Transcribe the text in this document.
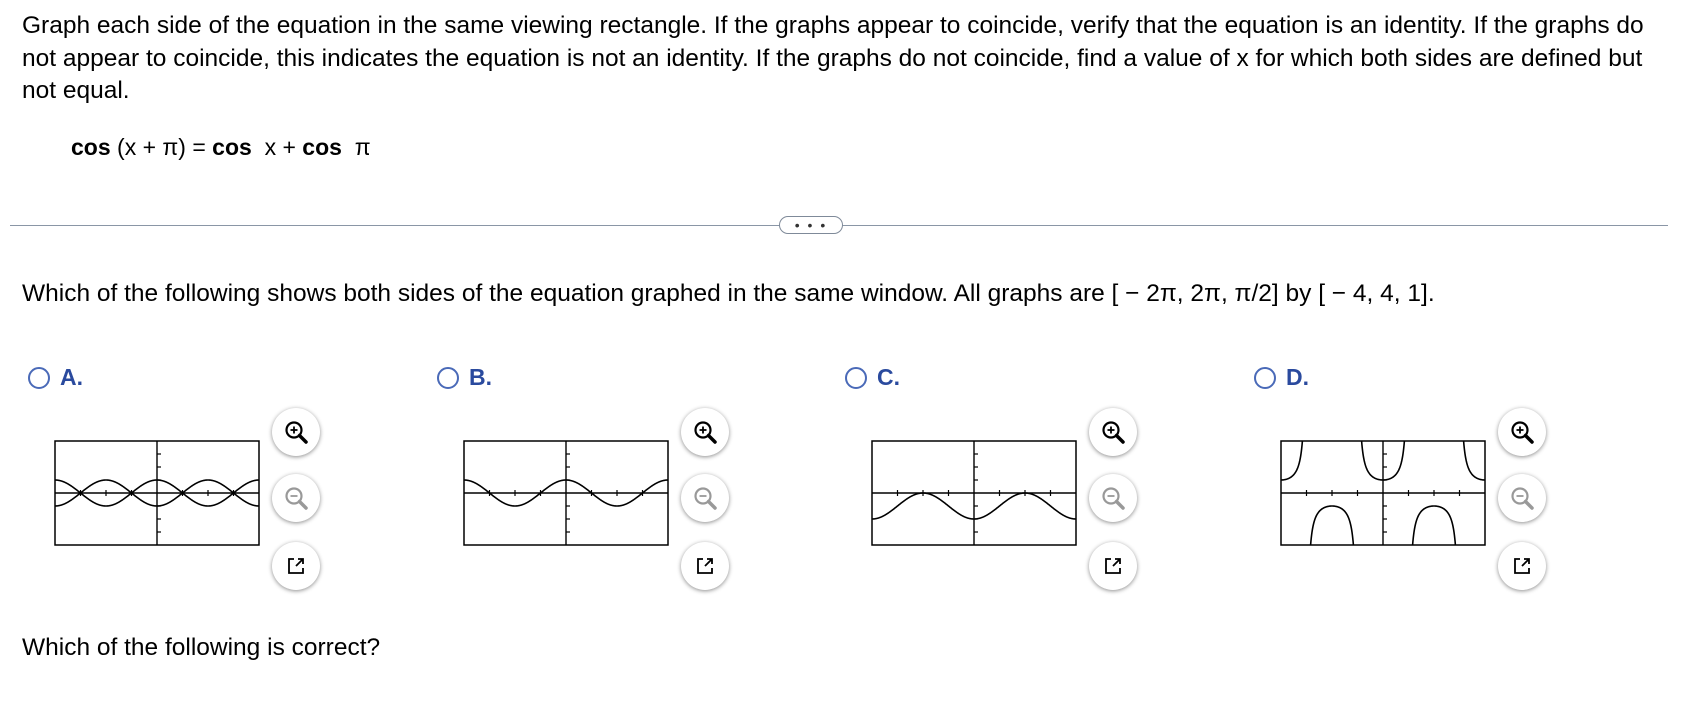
Graph each side of the equation in the same viewing rectangle. If the graphs appear to coincide, verify that the equation is an identity. If the graphs do not appear to coincide, this indicates the equation is not an identity. If the graphs do not coincide, find a value of x for which both sides are defined but not equal.
cos (x + π) = cos  x + cos  π
• • •
Which of the following shows both sides of the equation graphed in the same window. All graphs are [ − 2π, 2π, π/2] by [ − 4, 4, 1].
A.	B.	C.	D.
Which of the following is correct?
